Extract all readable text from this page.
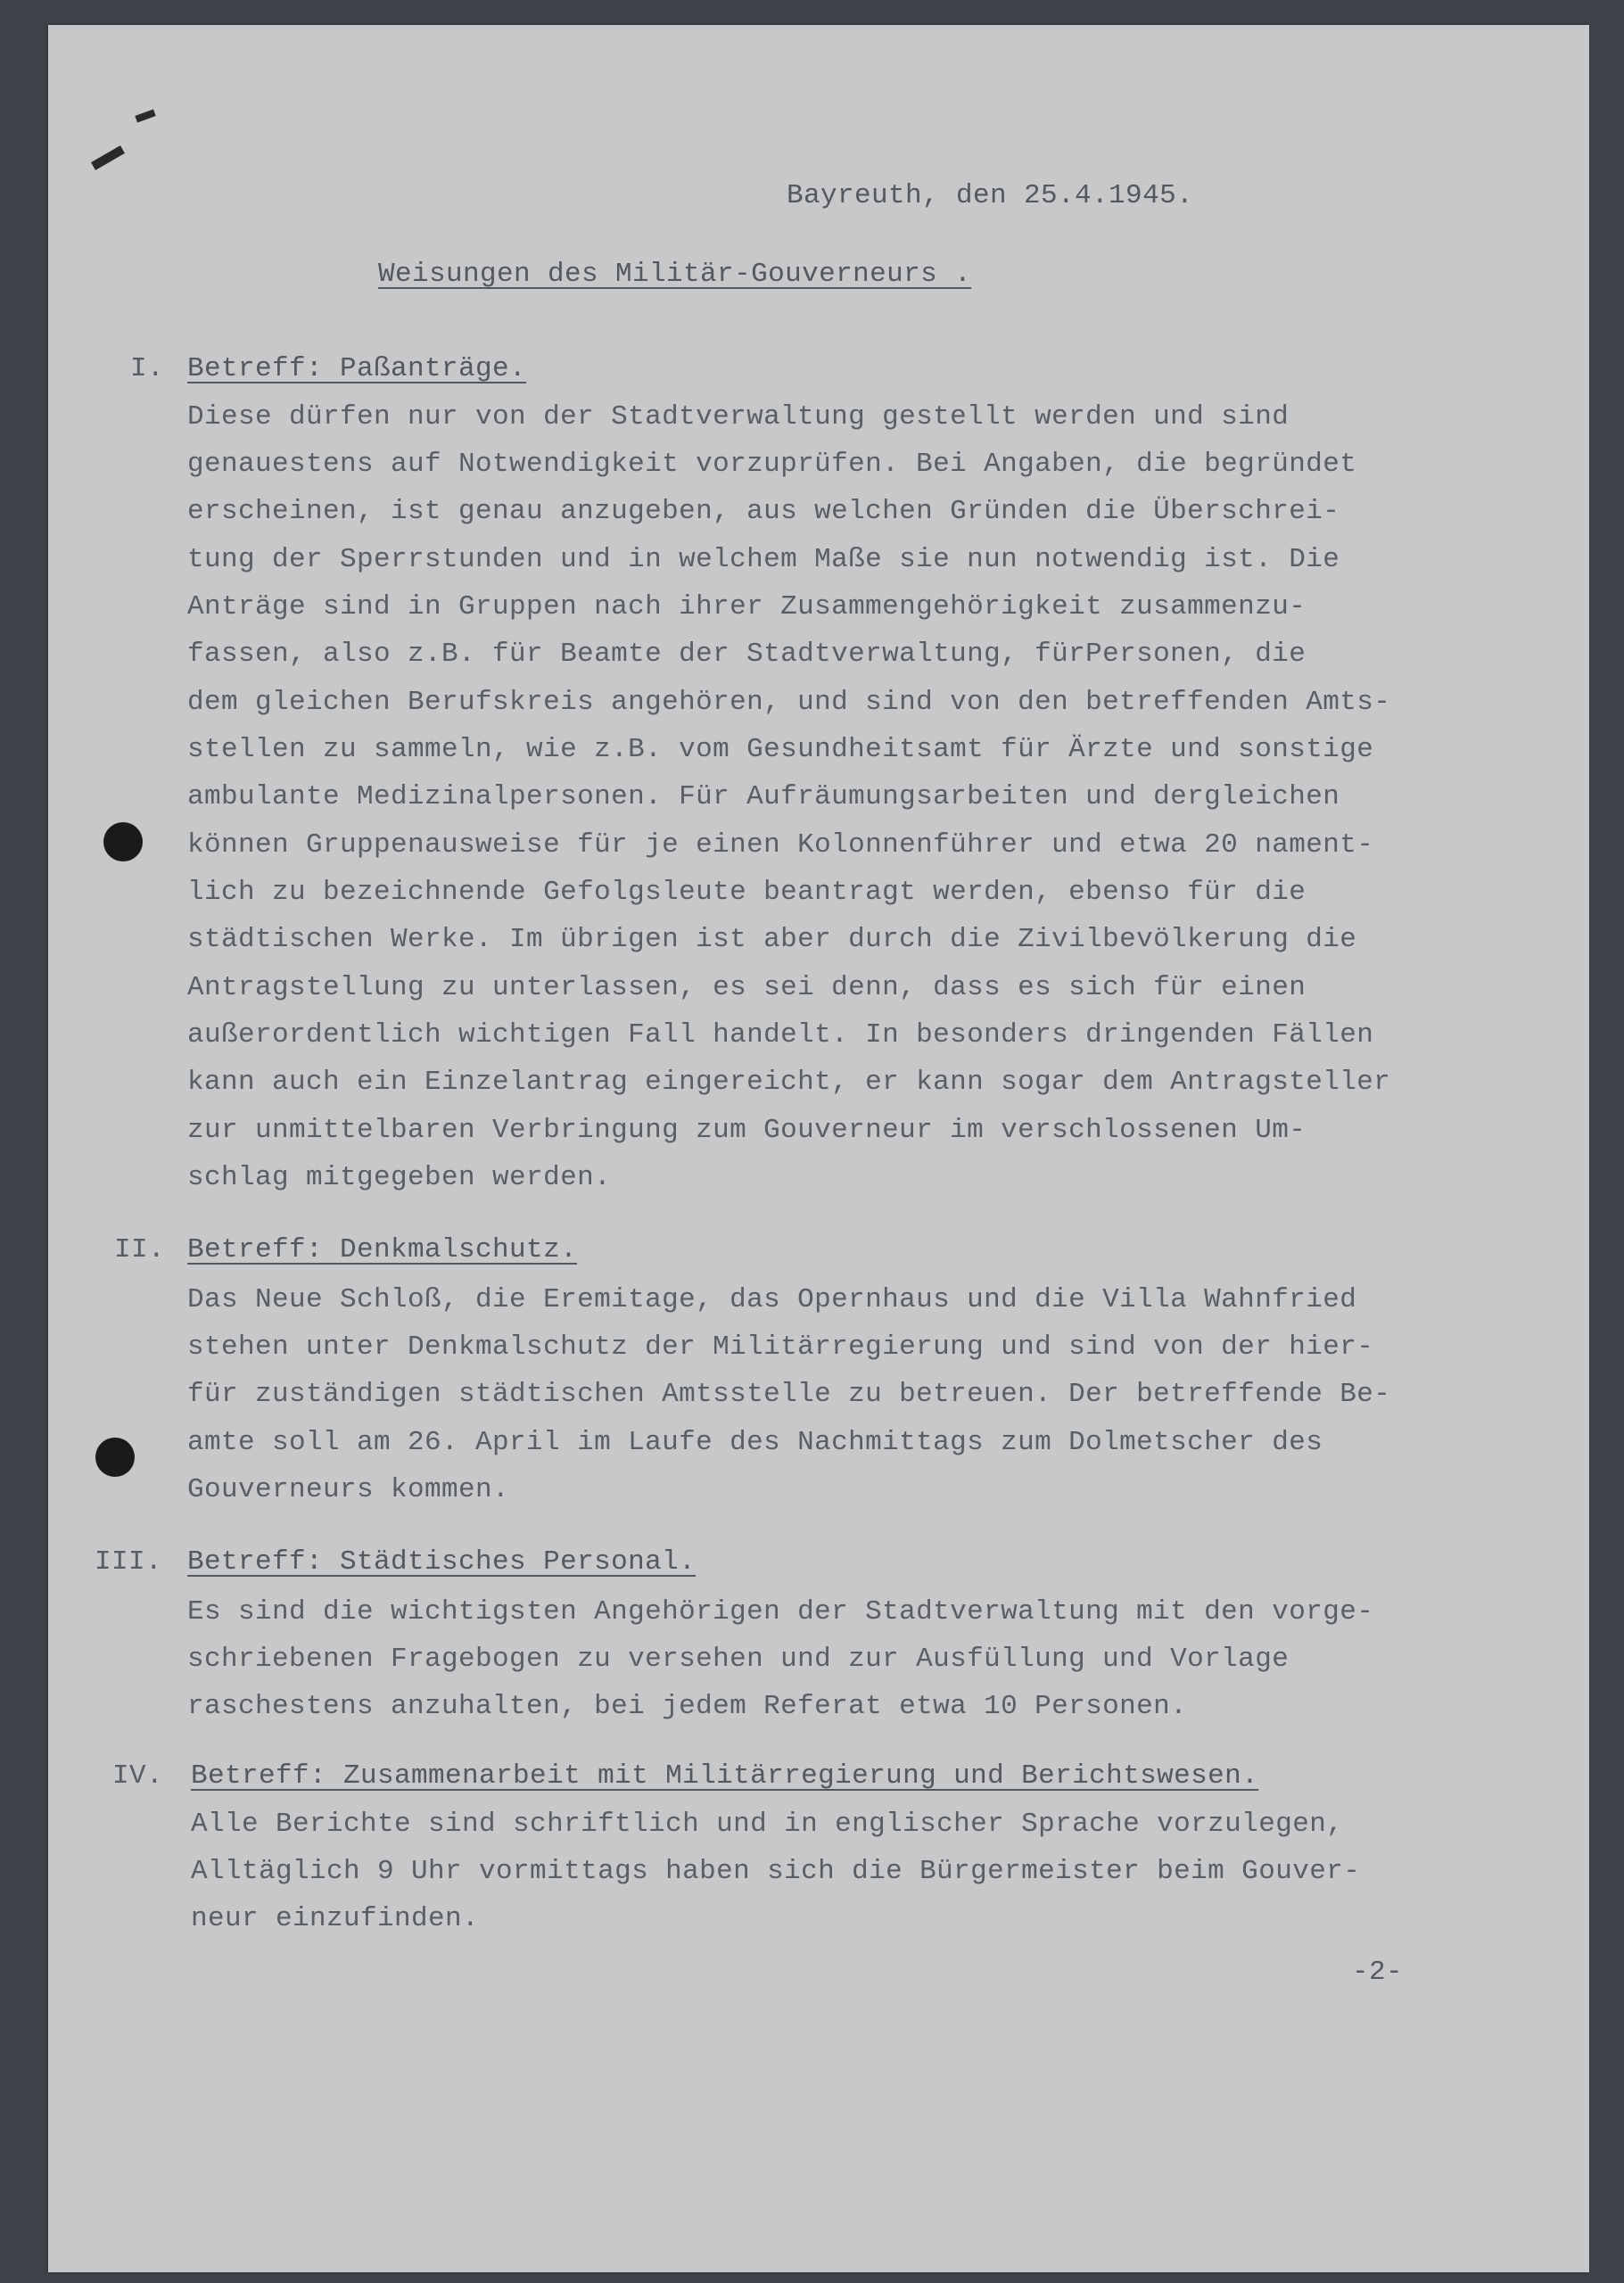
Bayreuth, den 25.4.1945.
Weisungen des Militär-Gouverneurs .
I. Betreff: Paßanträge.
Diese dürfen nur von der Stadtverwaltung gestellt werden und sind
genauestens auf Notwendigkeit vorzuprüfen. Bei Angaben, die begründet
erscheinen, ist genau anzugeben, aus welchen Gründen die Überschrei-
tung der Sperrstunden und in welchem Maße sie nun notwendig ist. Die
Anträge sind in Gruppen nach ihrer Zusammengehörigkeit zusammenzu-
fassen, also z.B. für Beamte der Stadtverwaltung, fürPersonen, die
dem gleichen Berufskreis angehören, und sind von den betreffenden Amts-
stellen zu sammeln, wie z.B. vom Gesundheitsamt für Ärzte und sonstige
ambulante Medizinalpersonen. Für Aufräumungsarbeiten und dergleichen
können Gruppenausweise für je einen Kolonnenführer und etwa 20 nament-
lich zu bezeichnende Gefolgsleute beantragt werden, ebenso für die
städtischen Werke. Im übrigen ist aber durch die Zivilbevölkerung die
Antragstellung zu unterlassen, es sei denn, dass es sich für einen
außerordentlich wichtigen Fall handelt. In besonders dringenden Fällen
kann auch ein Einzelantrag eingereicht, er kann sogar dem Antragsteller
zur unmittelbaren Verbringung zum Gouverneur im verschlossenen Um-
schlag mitgegeben werden.
II. Betreff: Denkmalschutz.
Das Neue Schloß, die Eremitage, das Opernhaus und die Villa Wahnfried
stehen unter Denkmalschutz der Militärregierung und sind von der hier-
für zuständigen städtischen Amtsstelle zu betreuen. Der betreffende Be-
amte soll am 26. April im Laufe des Nachmittags zum Dolmetscher des
Gouverneurs kommen.
III. Betreff: Städtisches Personal.
Es sind die wichtigsten Angehörigen der Stadtverwaltung mit den vorge-
schriebenen Fragebogen zu versehen und zur Ausfüllung und Vorlage
raschestens anzuhalten, bei jedem Referat etwa 10 Personen.
IV. Betreff: Zusammenarbeit mit Militärregierung und Berichtswesen.
Alle Berichte sind schriftlich und in englischer Sprache vorzulegen,
Alltäglich 9 Uhr vormittags haben sich die Bürgermeister beim Gouver-
neur einzufinden.
-2-
